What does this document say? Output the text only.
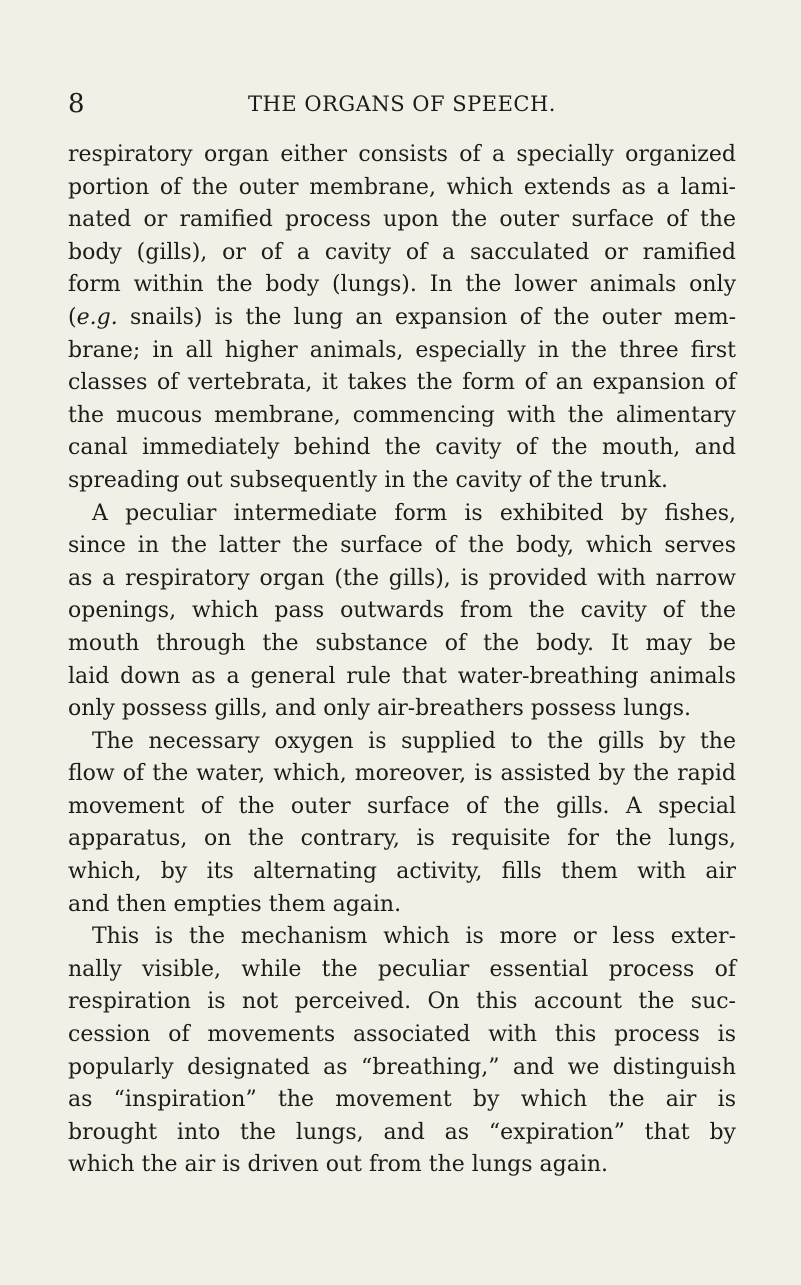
8	THE ORGANS OF SPEECH.
respiratory organ either consists of a specially organized
portion of the outer membrane, which extends as a lami-
nated or ramified process upon the outer surface of the
body (gills), or of a cavity of a sacculated or ramified
form within the body (lungs). In the lower animals only
(e.g. snails) is the lung an expansion of the outer mem-
brane; in all higher animals, especially in the three first
classes of vertebrata, it takes the form of an expansion of
the mucous membrane, commencing with the alimentary
canal immediately behind the cavity of the mouth, and
spreading out subsequently in the cavity of the trunk.
A peculiar intermediate form is exhibited by fishes,
since in the latter the surface of the body, which serves
as a respiratory organ (the gills), is provided with narrow
openings, which pass outwards from the cavity of the
mouth through the substance of the body. It may be
laid down as a general rule that water-breathing animals
only possess gills, and only air-breathers possess lungs.
The necessary oxygen is supplied to the gills by the
flow of the water, which, moreover, is assisted by the rapid
movement of the outer surface of the gills. A special
apparatus, on the contrary, is requisite for the lungs,
which, by its alternating activity, fills them with air
and then empties them again.
This is the mechanism which is more or less exter-
nally visible, while the peculiar essential process of
respiration is not perceived. On this account the suc-
cession of movements associated with this process is
popularly designated as “breathing,” and we distinguish
as “inspiration” the movement by which the air is
brought into the lungs, and as “expiration” that by
which the air is driven out from the lungs again.
